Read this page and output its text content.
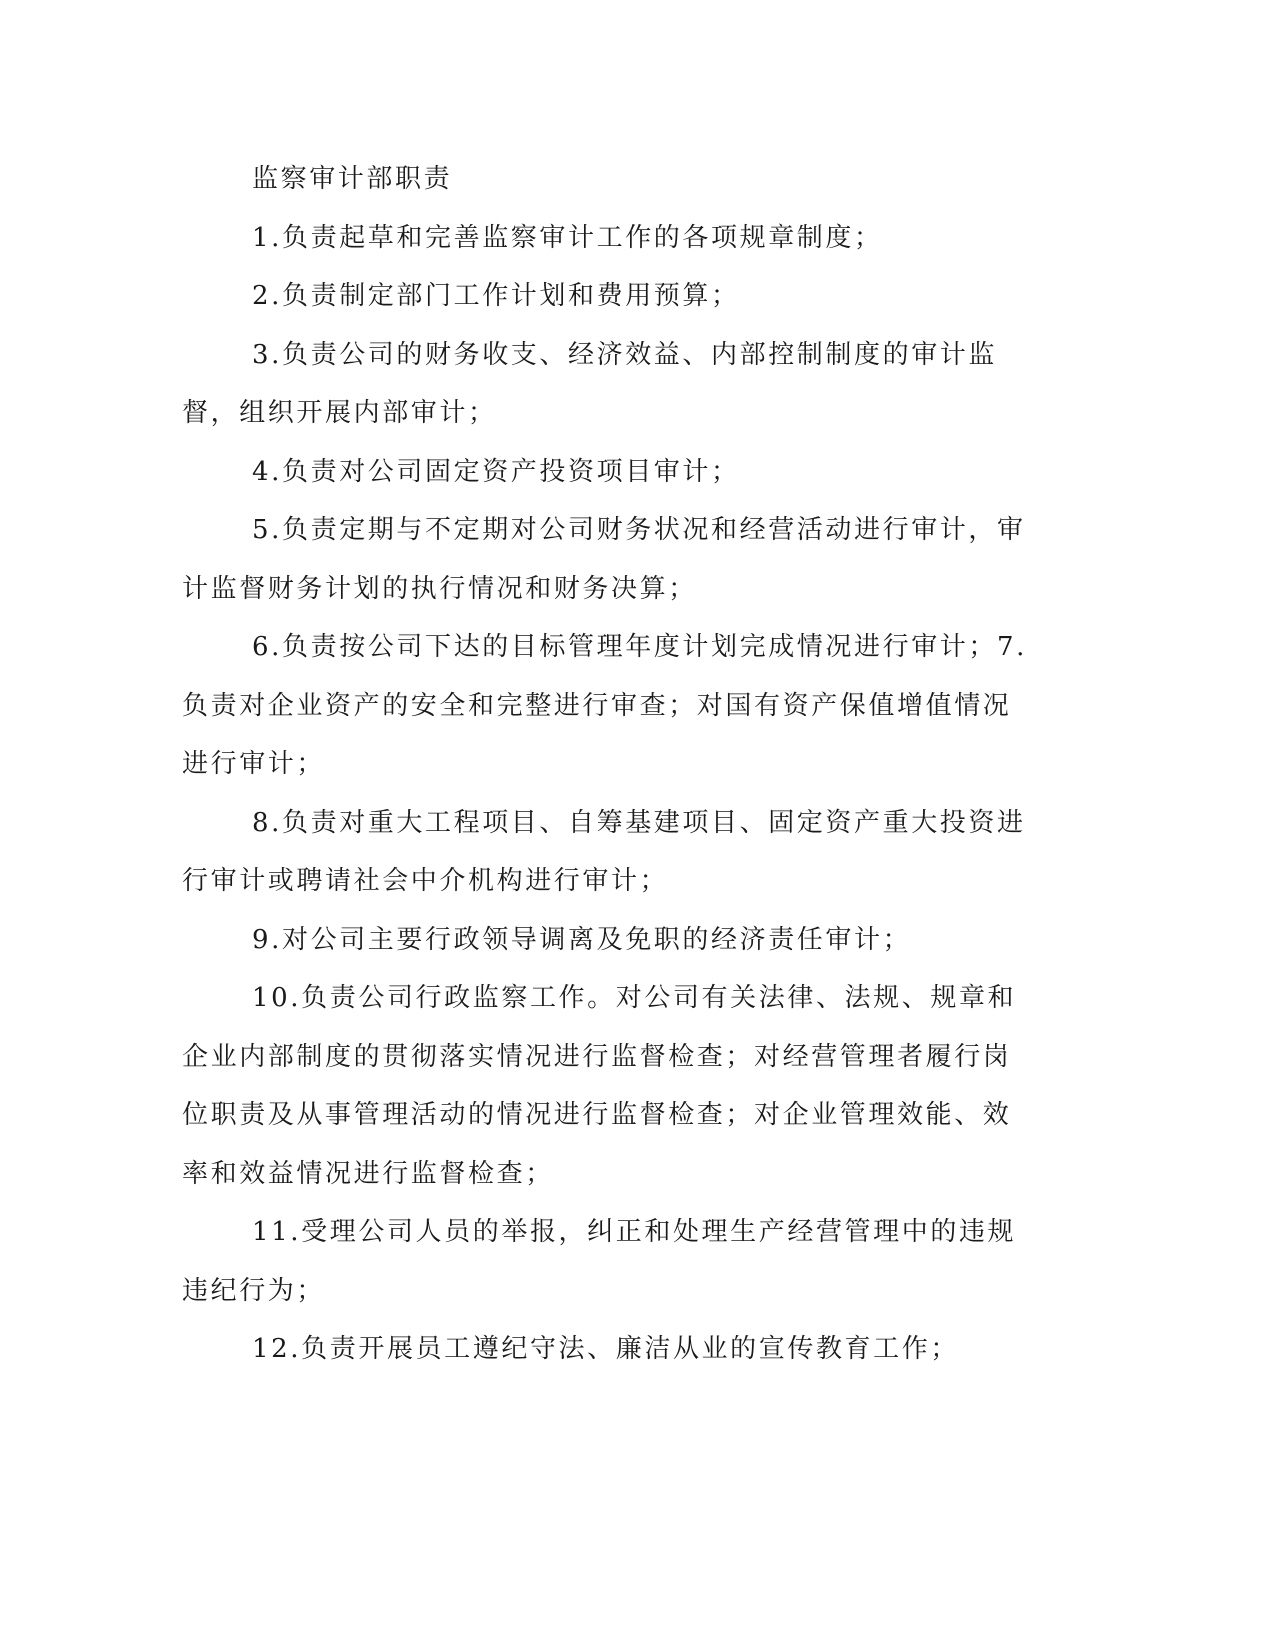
监察审计部职责

1.负责起草和完善监察审计工作的各项规章制度；

2.负责制定部门工作计划和费用预算；

3.负责公司的财务收支、经济效益、内部控制制度的审计监督，组织开展内部审计；

4.负责对公司固定资产投资项目审计；

5.负责定期与不定期对公司财务状况和经营活动进行审计，审计监督财务计划的执行情况和财务决算；

6.负责按公司下达的目标管理年度计划完成情况进行审计；7.负责对企业资产的安全和完整进行审查；对国有资产保值增值情况进行审计；

8.负责对重大工程项目、自筹基建项目、固定资产重大投资进行审计或聘请社会中介机构进行审计；

9.对公司主要行政领导调离及免职的经济责任审计；

10.负责公司行政监察工作。对公司有关法律、法规、规章和企业内部制度的贯彻落实情况进行监督检查；对经营管理者履行岗位职责及从事管理活动的情况进行监督检查；对企业管理效能、效率和效益情况进行监督检查；

11.受理公司人员的举报，纠正和处理生产经营管理中的违规违纪行为；

12.负责开展员工遵纪守法、廉洁从业的宣传教育工作；
